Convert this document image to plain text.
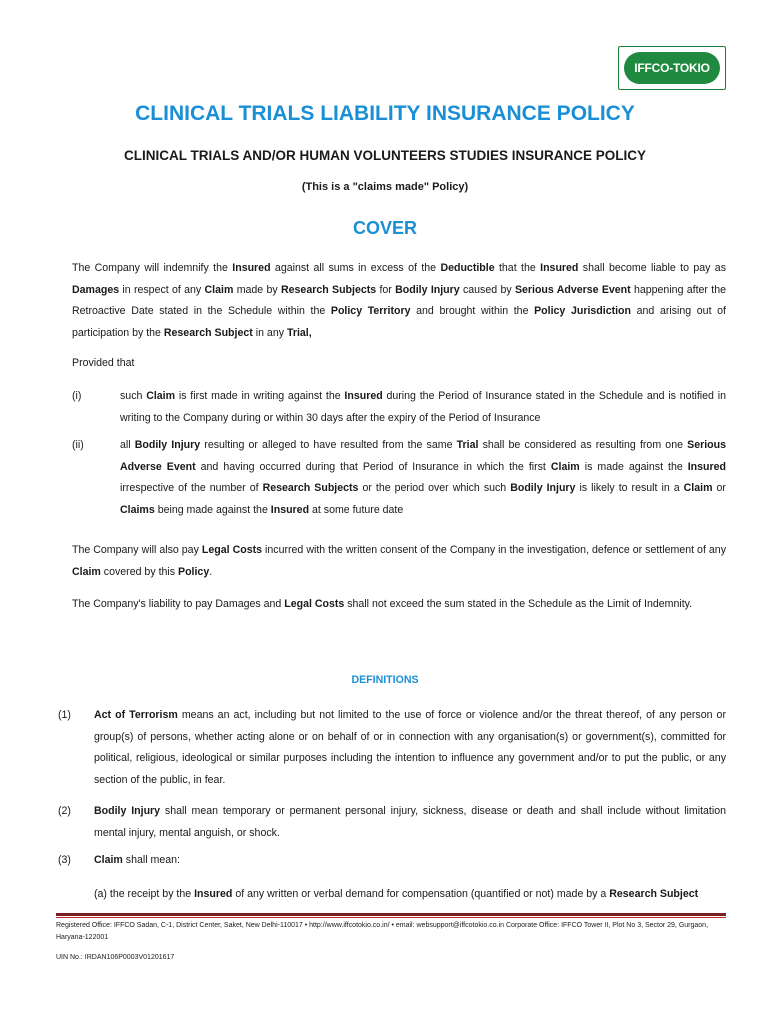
IFFCO-TOKIO
CLINICAL TRIALS LIABILITY INSURANCE POLICY
CLINICAL TRIALS AND/OR HUMAN VOLUNTEERS STUDIES INSURANCE POLICY

(This is a "claims made" Policy)

COVER

The Company will indemnify the Insured against all sums in excess of the Deductible that the Insured shall become liable to pay as Damages in respect of any Claim made by Research Subjects for Bodily Injury caused by Serious Adverse Event happening after the Retroactive Date stated in the Schedule within the Policy Territory and brought within the Policy Jurisdiction and arising out of participation by the Research Subject in any Trial,

Provided that

(i)	such Claim is first made in writing against the Insured during the Period of Insurance stated in the Schedule and is notified in writing to the Company during or within 30 days after the expiry of the Period of Insurance

(ii)	all Bodily Injury resulting or alleged to have resulted from the same Trial shall be considered as resulting from one Serious Adverse Event and having occurred during that Period of Insurance in which the first Claim is made against the Insured irrespective of the number of Research Subjects or the period over which such Bodily Injury is likely to result in a Claim or Claims being made against the Insured at some future date

The Company will also pay Legal Costs incurred with the written consent of the Company in the investigation, defence or settlement of any Claim covered by this Policy.

The Company's liability to pay Damages and Legal Costs shall not exceed the sum stated in the Schedule as the Limit of Indemnity.

DEFINITIONS
(1) Act of Terrorism means an act, including but not limited to the use of force or violence and/or the threat thereof, of any person or group(s) of persons, whether acting alone or on behalf of or in connection with any organisation(s) or government(s), committed for political, religious, ideological or similar purposes including the intention to influence any government and/or to put the public, or any section of the public, in fear.

(2) Bodily Injury shall mean temporary or permanent personal injury, sickness, disease or death and shall include without limitation mental injury, mental anguish, or shock.

(3) Claim shall mean:

(a) the receipt by the Insured of any written or verbal demand for compensation (quantified or not) made by a Research Subject

Registered Office: IFFCO Sadan, C-1, District Center, Saket, New Delhi-110017 • http://www.iffcotokio.co.in/ • email: websupport@iffcotokio.co.in Corporate Office: IFFCO Tower II, Plot No 3, Sector 29, Gurgaon, Haryana-122001

UIN No.: IRDAN106P0003V01201617
